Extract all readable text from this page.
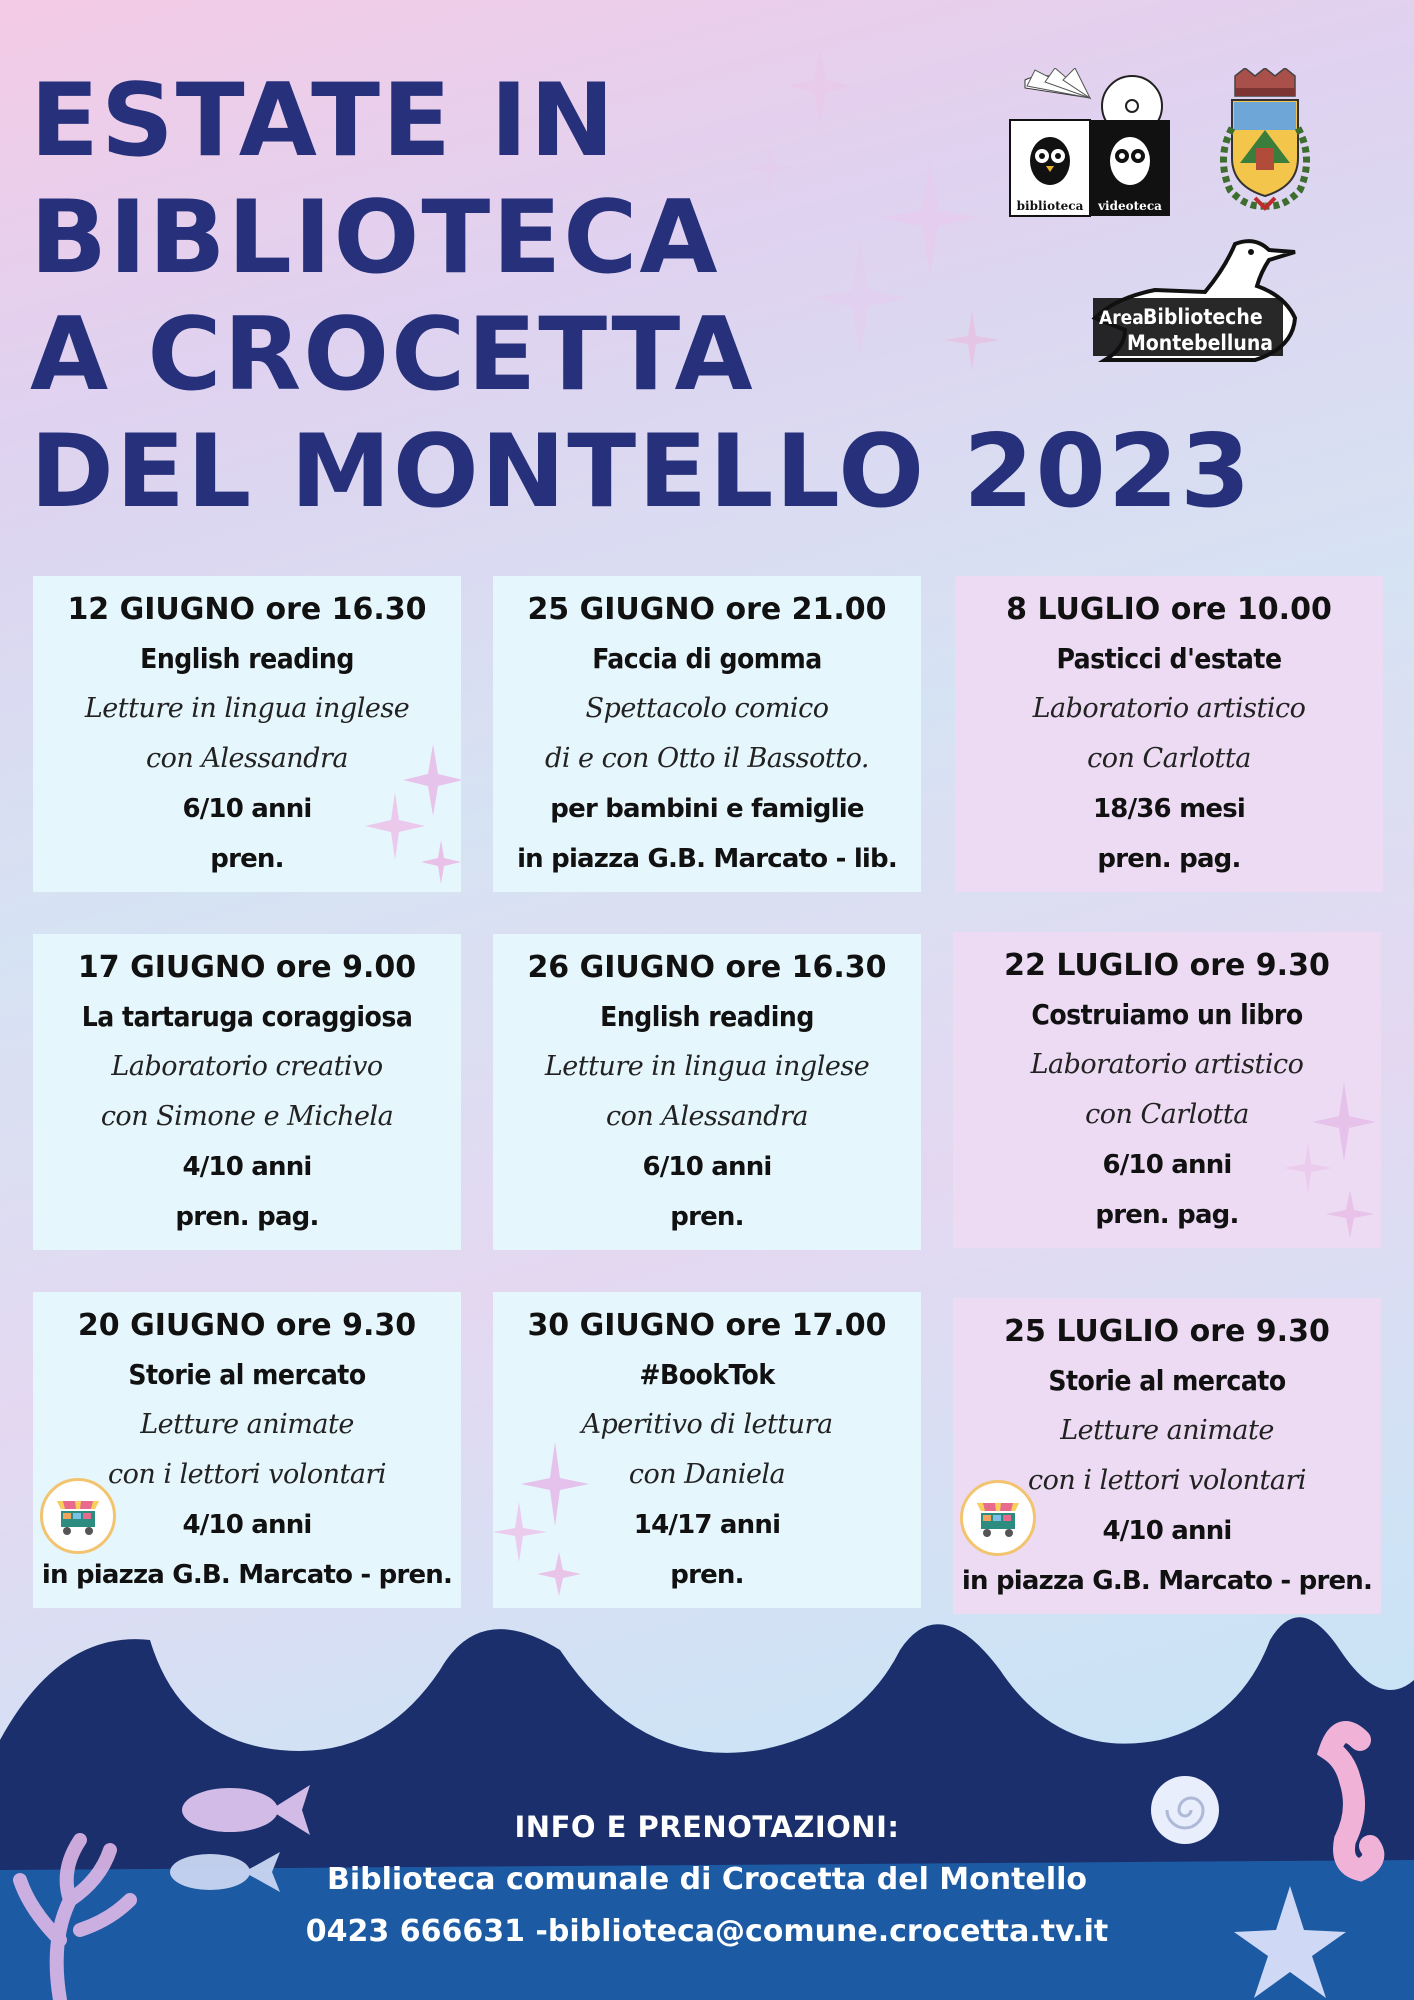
ESTATE IN
BIBLIOTECA
A CROCETTA
DEL MONTELLO 2023
biblioteca videoteca
Area Biblioteche
Montebelluna
12 GIUGNO ore 16.30
English reading
Letture in lingua inglese
con Alessandra
6/10 anni
pren.
25 GIUGNO ore 21.00
Faccia di gomma
Spettacolo comico
di e con Otto il Bassotto.
per bambini e famiglie
in piazza G.B. Marcato - lib.
8 LUGLIO ore 10.00
Pasticci d'estate
Laboratorio artistico
con Carlotta
18/36 mesi
pren. pag.
17 GIUGNO ore 9.00
La tartaruga coraggiosa
Laboratorio creativo
con Simone e Michela
4/10 anni
pren. pag.
26 GIUGNO ore 16.30
English reading
Letture in lingua inglese
con Alessandra
6/10 anni
pren.
22 LUGLIO ore 9.30
Costruiamo un libro
Laboratorio artistico
con Carlotta
6/10 anni
pren. pag.
20 GIUGNO ore 9.30
Storie al mercato
Letture animate
con i lettori volontari
4/10 anni
in piazza G.B. Marcato - pren.
30 GIUGNO ore 17.00
#BookTok
Aperitivo di lettura
con Daniela
14/17 anni
pren.
25 LUGLIO ore 9.30
Storie al mercato
Letture animate
con i lettori volontari
4/10 anni
in piazza G.B. Marcato - pren.
INFO E PRENOTAZIONI:
Biblioteca comunale di Crocetta del Montello
0423 666631 -biblioteca@comune.crocetta.tv.it
